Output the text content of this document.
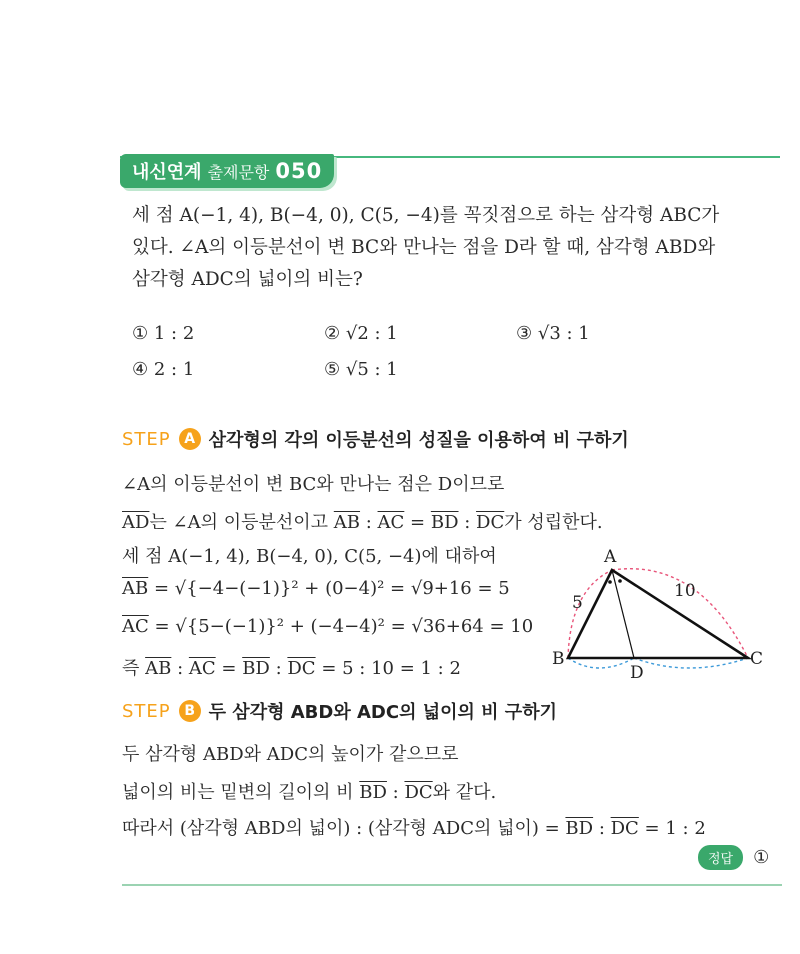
내신연계 출제문항 050
세 점 A(−1, 4), B(−4, 0), C(5, −4)를 꼭짓점으로 하는 삼각형 ABC가
있다. ∠A의 이등분선이 변 BC와 만나는 점을 D라 할 때, 삼각형 ABD와
삼각형 ADC의 넓이의 비는?
① 1 : 2	② √2 : 1	③ √3 : 1
④ 2 : 1	⑤ √5 : 1
STEP A 삼각형의 각의 이등분선의 성질을 이용하여 비 구하기
∠A의 이등분선이 변 BC와 만나는 점은 D이므로
$\overline{AD}$는 ∠A의 이등분선이고 $\overline{AB}$ : $\overline{AC} = \overline{BD}$ : $\overline{DC}$가 성립한다.
세 점 A(−1, 4), B(−4, 0), C(5, −4)에 대하여
$\overline{AB} = √\{-4-(-1)\}^2 + (0-4)^2 = √9+16 = 5$
$\overline{AC} = √\{5-(-1)\}^2 + (-4-4)^2 = √36+64 = 10$
즉 $\overline{AB}$ : $\overline{AC} = \overline{BD}$ : $\overline{DC} = 5$ : 10 = 1 : 2
A
B	C
D
5
10
STEP B 두 삼각형 ABD와 ADC의 넓이의 비 구하기
두 삼각형 ABD와 ADC의 높이가 같으므로
넓이의 비는 밑변의 길이의 비 $\overline{BD}$ : $\overline{DC}$와 같다.
따라서 (삼각형 ABD의 넓이) : (삼각형 ADC의 넓이) = $\overline{BD}$ : $\overline{DC} = 1$ : 2
정답	①
